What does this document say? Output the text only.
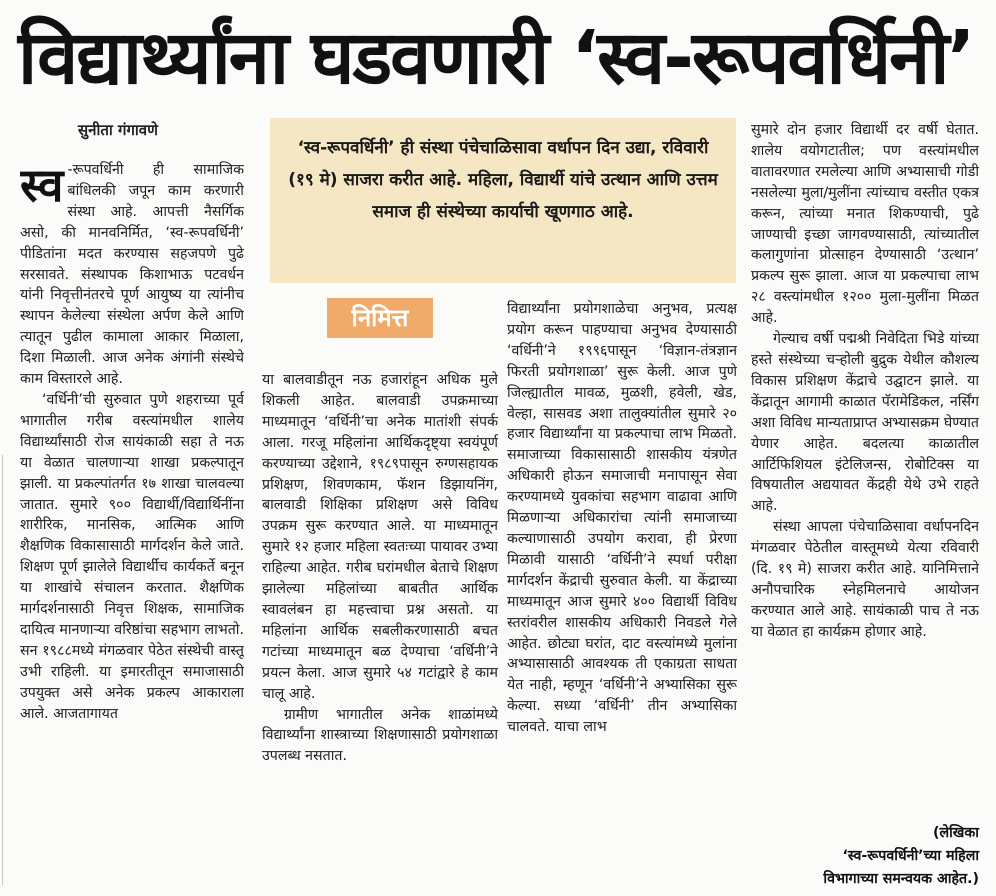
विद्यार्थ्यांना घडवणारी ‘स्व-रूपवर्धिनी’
सुनीता गंगावणे

स्व -रूपवर्धिनी ही सामाजिक बांधिलकी जपून काम करणारी संस्था आहे. आपत्ती नैसर्गिक असो, की मानवनिर्मित, ‘स्व-रूपवर्धिनी’ पीडितांना मदत करण्यास सहजपणे पुढे सरसावते. संस्थापक किशाभाऊ पटवर्धन यांनी निवृत्तीनंतरचे पूर्ण आयुष्य या त्यांनीच स्थापन केलेल्या संस्थेला अर्पण केले आणि त्यातून पुढील कामाला आकार मिळाला, दिशा मिळाली. आज अनेक अंगांनी संस्थेचे काम विस्तारले आहे.

‘वर्धिनी’ची सुरुवात पुणे शहराच्या पूर्व भागातील गरीब वस्त्यांमधील शालेय विद्यार्थ्यांसाठी रोज सायंकाळी सहा ते नऊ या वेळात चालणाऱ्या शाखा प्रकल्पातून झाली. या प्रकल्पांतर्गत १७ शाखा चालवल्या जातात. सुमारे ९०० विद्यार्थी/विद्यार्थिनींना शारीरिक, मानसिक, आत्मिक आणि शैक्षणिक विकासासाठी मार्गदर्शन केले जाते. शिक्षण पूर्ण झालेले विद्यार्थीच कार्यकर्ते बनून या शाखांचे संचालन करतात. शैक्षणिक मार्गदर्शनासाठी निवृत्त शिक्षक, सामाजिक दायित्व मानणाऱ्या वरिष्ठांचा सहभाग लाभतो. सन १९८८मध्ये मंगळवार पेठेत संस्थेची वास्तू उभी राहिली. या इमारतीतून समाजासाठी उपयुक्त असे अनेक प्रकल्प आकाराला आले. आजतागायत

‘स्व-रूपवर्धिनी’ ही संस्था पंचेचाळिसावा वर्धापन दिन उद्या, रविवारी (१९ मे) साजरा करीत आहे. महिला, विद्यार्थी यांचे उत्थान आणि उत्तम समाज ही संस्थेच्या कार्याची खूणगाठ आहे.
निमित्त

या बालवाडीतून नऊ हजारांहून अधिक मुले शिकली आहेत. बालवाडी उपक्रमाच्या माध्यमातून ‘वर्धिनी’चा अनेक मातांशी संपर्क आला. गरजू महिलांना आर्थिकदृष्ट्या स्वयंपूर्ण करण्याच्या उद्देशाने, १९८९पासून रुग्णसहायक प्रशिक्षण, शिवणकाम, फॅशन डिझायनिंग, बालवाडी शिक्षिका प्रशिक्षण असे विविध उपक्रम सुरू करण्यात आले. या माध्यमातून सुमारे १२ हजार महिला स्वतःच्या पायावर उभ्या राहिल्या आहेत. गरीब घरांमधील बेताचे शिक्षण झालेल्या महिलांच्या बाबतीत आर्थिक स्वावलंबन हा महत्त्वाचा प्रश्न असतो. या महिलांना आर्थिक सबलीकरणासाठी बचत गटांच्या माध्यमातून बळ देण्याचा ‘वर्धिनी’ने प्रयत्न केला. आज सुमारे ५४ गटांद्वारे हे काम चालू आहे.

ग्रामीण भागातील अनेक शाळांमध्ये विद्यार्थ्यांना शास्त्राच्या शिक्षणासाठी प्रयोगशाळा उपलब्ध नसतात.

विद्यार्थ्यांना प्रयोगशाळेचा अनुभव, प्रत्यक्ष प्रयोग करून पाहण्याचा अनुभव देण्यासाठी ‘वर्धिनी’ने १९९६पासून ‘विज्ञान-तंत्रज्ञान फिरती प्रयोगशाळा’ सुरू केली. आज पुणे जिल्ह्यातील मावळ, मुळशी, हवेली, खेड, वेल्हा, सासवड अशा तालुक्यांतील सुमारे २० हजार विद्यार्थ्यांना या प्रकल्पाचा लाभ मिळतो. समाजाच्या विकासासाठी शासकीय यंत्रणेत अधिकारी होऊन समाजाची मनापासून सेवा करण्यामध्ये युवकांचा सहभाग वाढावा आणि मिळणाऱ्या अधिकारांचा त्यांनी समाजाच्या कल्याणासाठी उपयोग करावा, ही प्रेरणा मिळावी यासाठी ‘वर्धिनी’ने स्पर्धा परीक्षा मार्गदर्शन केंद्राची सुरुवात केली. या केंद्राच्या माध्यमातून आज सुमारे ४०० विद्यार्थी विविध स्तरांवरील शासकीय अधिकारी निवडले गेले आहेत. छोट्या घरांत, दाट वस्त्यांमध्ये मुलांना अभ्यासासाठी आवश्यक ती एकाग्रता साधता येत नाही, म्हणून ‘वर्धिनी’ने अभ्यासिका सुरू केल्या. सध्या ‘वर्धिनी’ तीन अभ्यासिका चालवते. याचा लाभ

सुमारे दोन हजार विद्यार्थी दर वर्षी घेतात. शालेय वयोगटातील; पण वस्त्यांमधील वातावरणात रमलेल्या आणि अभ्यासाची गोडी नसलेल्या मुला/मुलींना त्यांच्याच वस्तीत एकत्र करून, त्यांच्या मनात शिकण्याची, पुढे जाण्याची इच्छा जागवण्यासाठी, त्यांच्यातील कलागुणांना प्रोत्साहन देण्यासाठी ‘उत्थान’ प्रकल्प सुरू झाला. आज या प्रकल्पाचा लाभ २८ वस्त्यांमधील १२०० मुला-मुलींना मिळत आहे.

गेल्याच वर्षी पद्मश्री निवेदिता भिडे यांच्या हस्ते संस्थेच्या चऱ्होली बुद्रुक येथील कौशल्य विकास प्रशिक्षण केंद्राचे उद्घाटन झाले. या केंद्रातून आगामी काळात पॅरामेडिकल, नर्सिंग अशा विविध मान्यताप्राप्त अभ्यासक्रम घेण्यात येणार आहेत. बदलत्या काळातील आर्टिफिशियल इंटेलिजन्स, रोबोटिक्स या विषयातील अद्ययावत केंद्रही येथे उभे राहते आहे.

संस्था आपला पंचेचाळिसावा वर्धापनदिन मंगळवार पेठेतील वास्तूमध्ये येत्या रविवारी (दि. १९ मे) साजरा करीत आहे. यानिमित्ताने अनौपचारिक स्नेहमिलनाचे आयोजन करण्यात आले आहे. सायंकाळी पाच ते नऊ या वेळात हा कार्यक्रम होणार आहे.

(लेखिका
‘स्व-रूपवर्धिनी’च्या महिला
विभागाच्या समन्वयक आहेत.)
